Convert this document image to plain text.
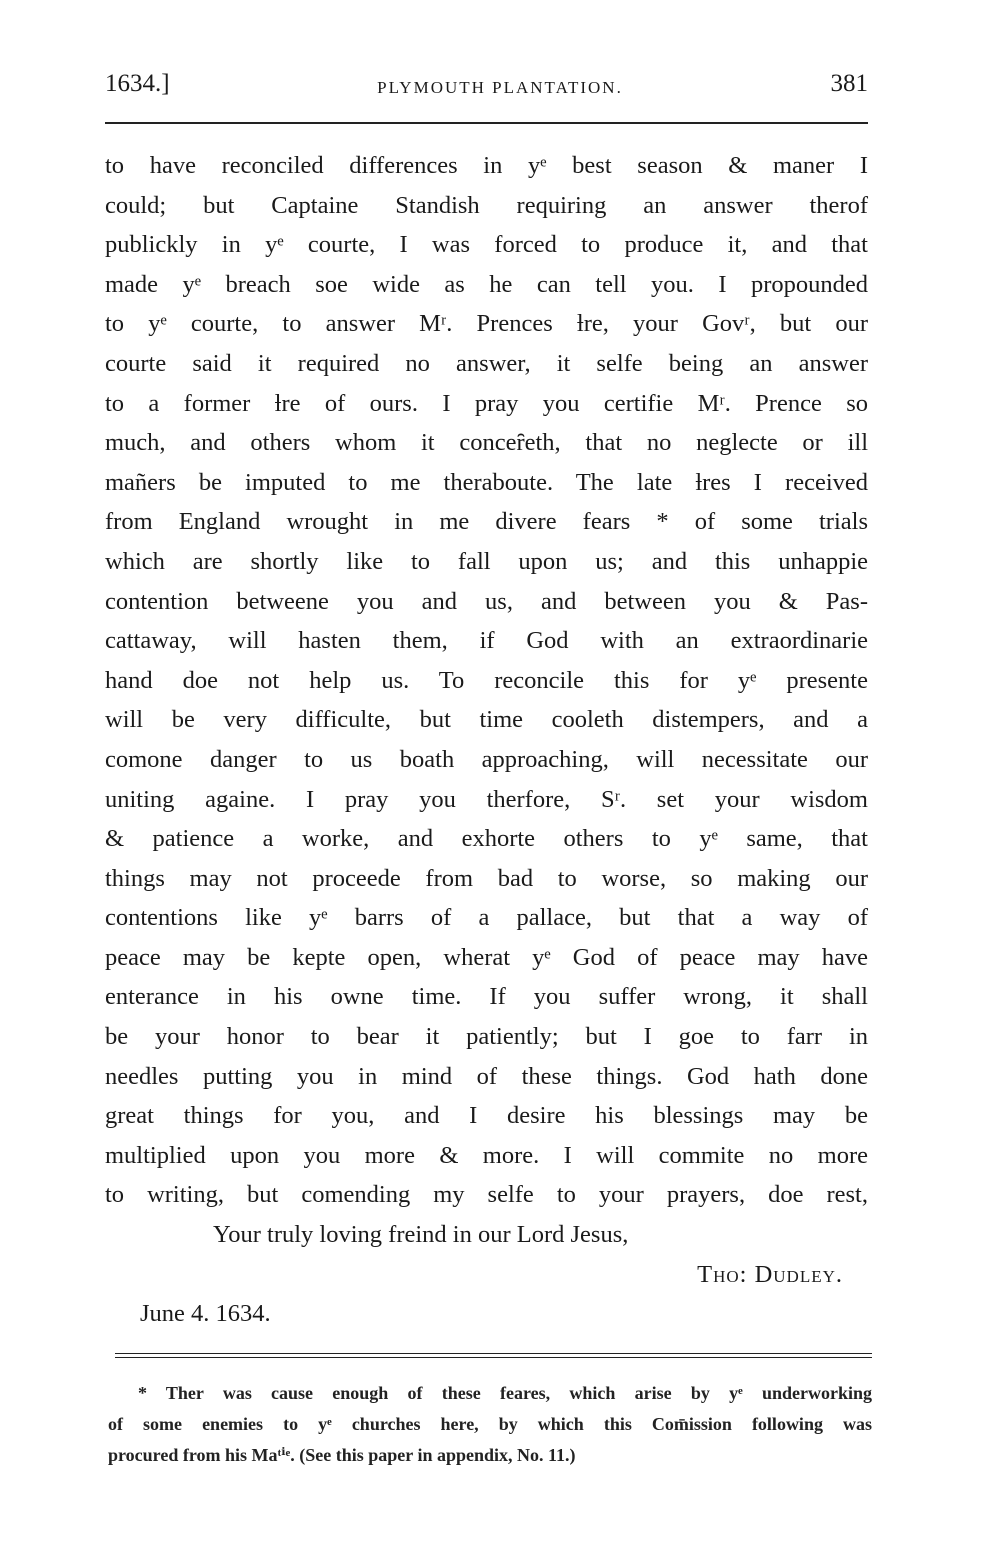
1634.]	PLYMOUTH PLANTATION.	381
to have reconciled differences in yᵉ best season & maner I
could; but Captaine Standish requiring an answer therof
publickly in yᵉ courte, I was forced to produce it, and that
made yᵉ breach soe wide as he can tell you. I propounded
to yᵉ courte, to answer Mʳ. Prences ƚre, your Govʳ, but our
courte said it required no answer, it selfe being an answer
to a former ƚre of ours. I pray you certifie Mʳ. Prence so
much, and others whom it conceȓeth, that no neglecte or ill
mañers be imputed to me theraboute. The late ƚres I received
from England wrought in me divere fears * of some trials
which are shortly like to fall upon us; and this unhappie
contention betweene you and us, and between you & Pas-
cattaway, will hasten them, if God with an extraordinarie
hand doe not help us. To reconcile this for yᵉ presente
will be very difficulte, but time cooleth distempers, and a
comone danger to us boath approaching, will necessitate our
uniting againe. I pray you therfore, Sʳ. set your wisdom
& patience a worke, and exhorte others to yᵉ same, that
things may not proceede from bad to worse, so making our
contentions like yᵉ barrs of a pallace, but that a way of
peace may be kepte open, wherat yᵉ God of peace may have
enterance in his owne time. If you suffer wrong, it shall
be your honor to bear it patiently; but I goe to farr in
needles putting you in mind of these things. God hath done
great things for you, and I desire his blessings may be
multiplied upon you more & more. I will commite no more
to writing, but comending my selfe to your prayers, doe rest,
Your truly loving freind in our Lord Jesus,
Tho: Dudley.
June 4. 1634.
* Ther was cause enough of these feares, which arise by yᵉ underworking
of some enemies to yᵉ churches here, by which this Com̄ission following was
procured from his Maᵗⁱᵉ. (See this paper in appendix, No. 11.)
